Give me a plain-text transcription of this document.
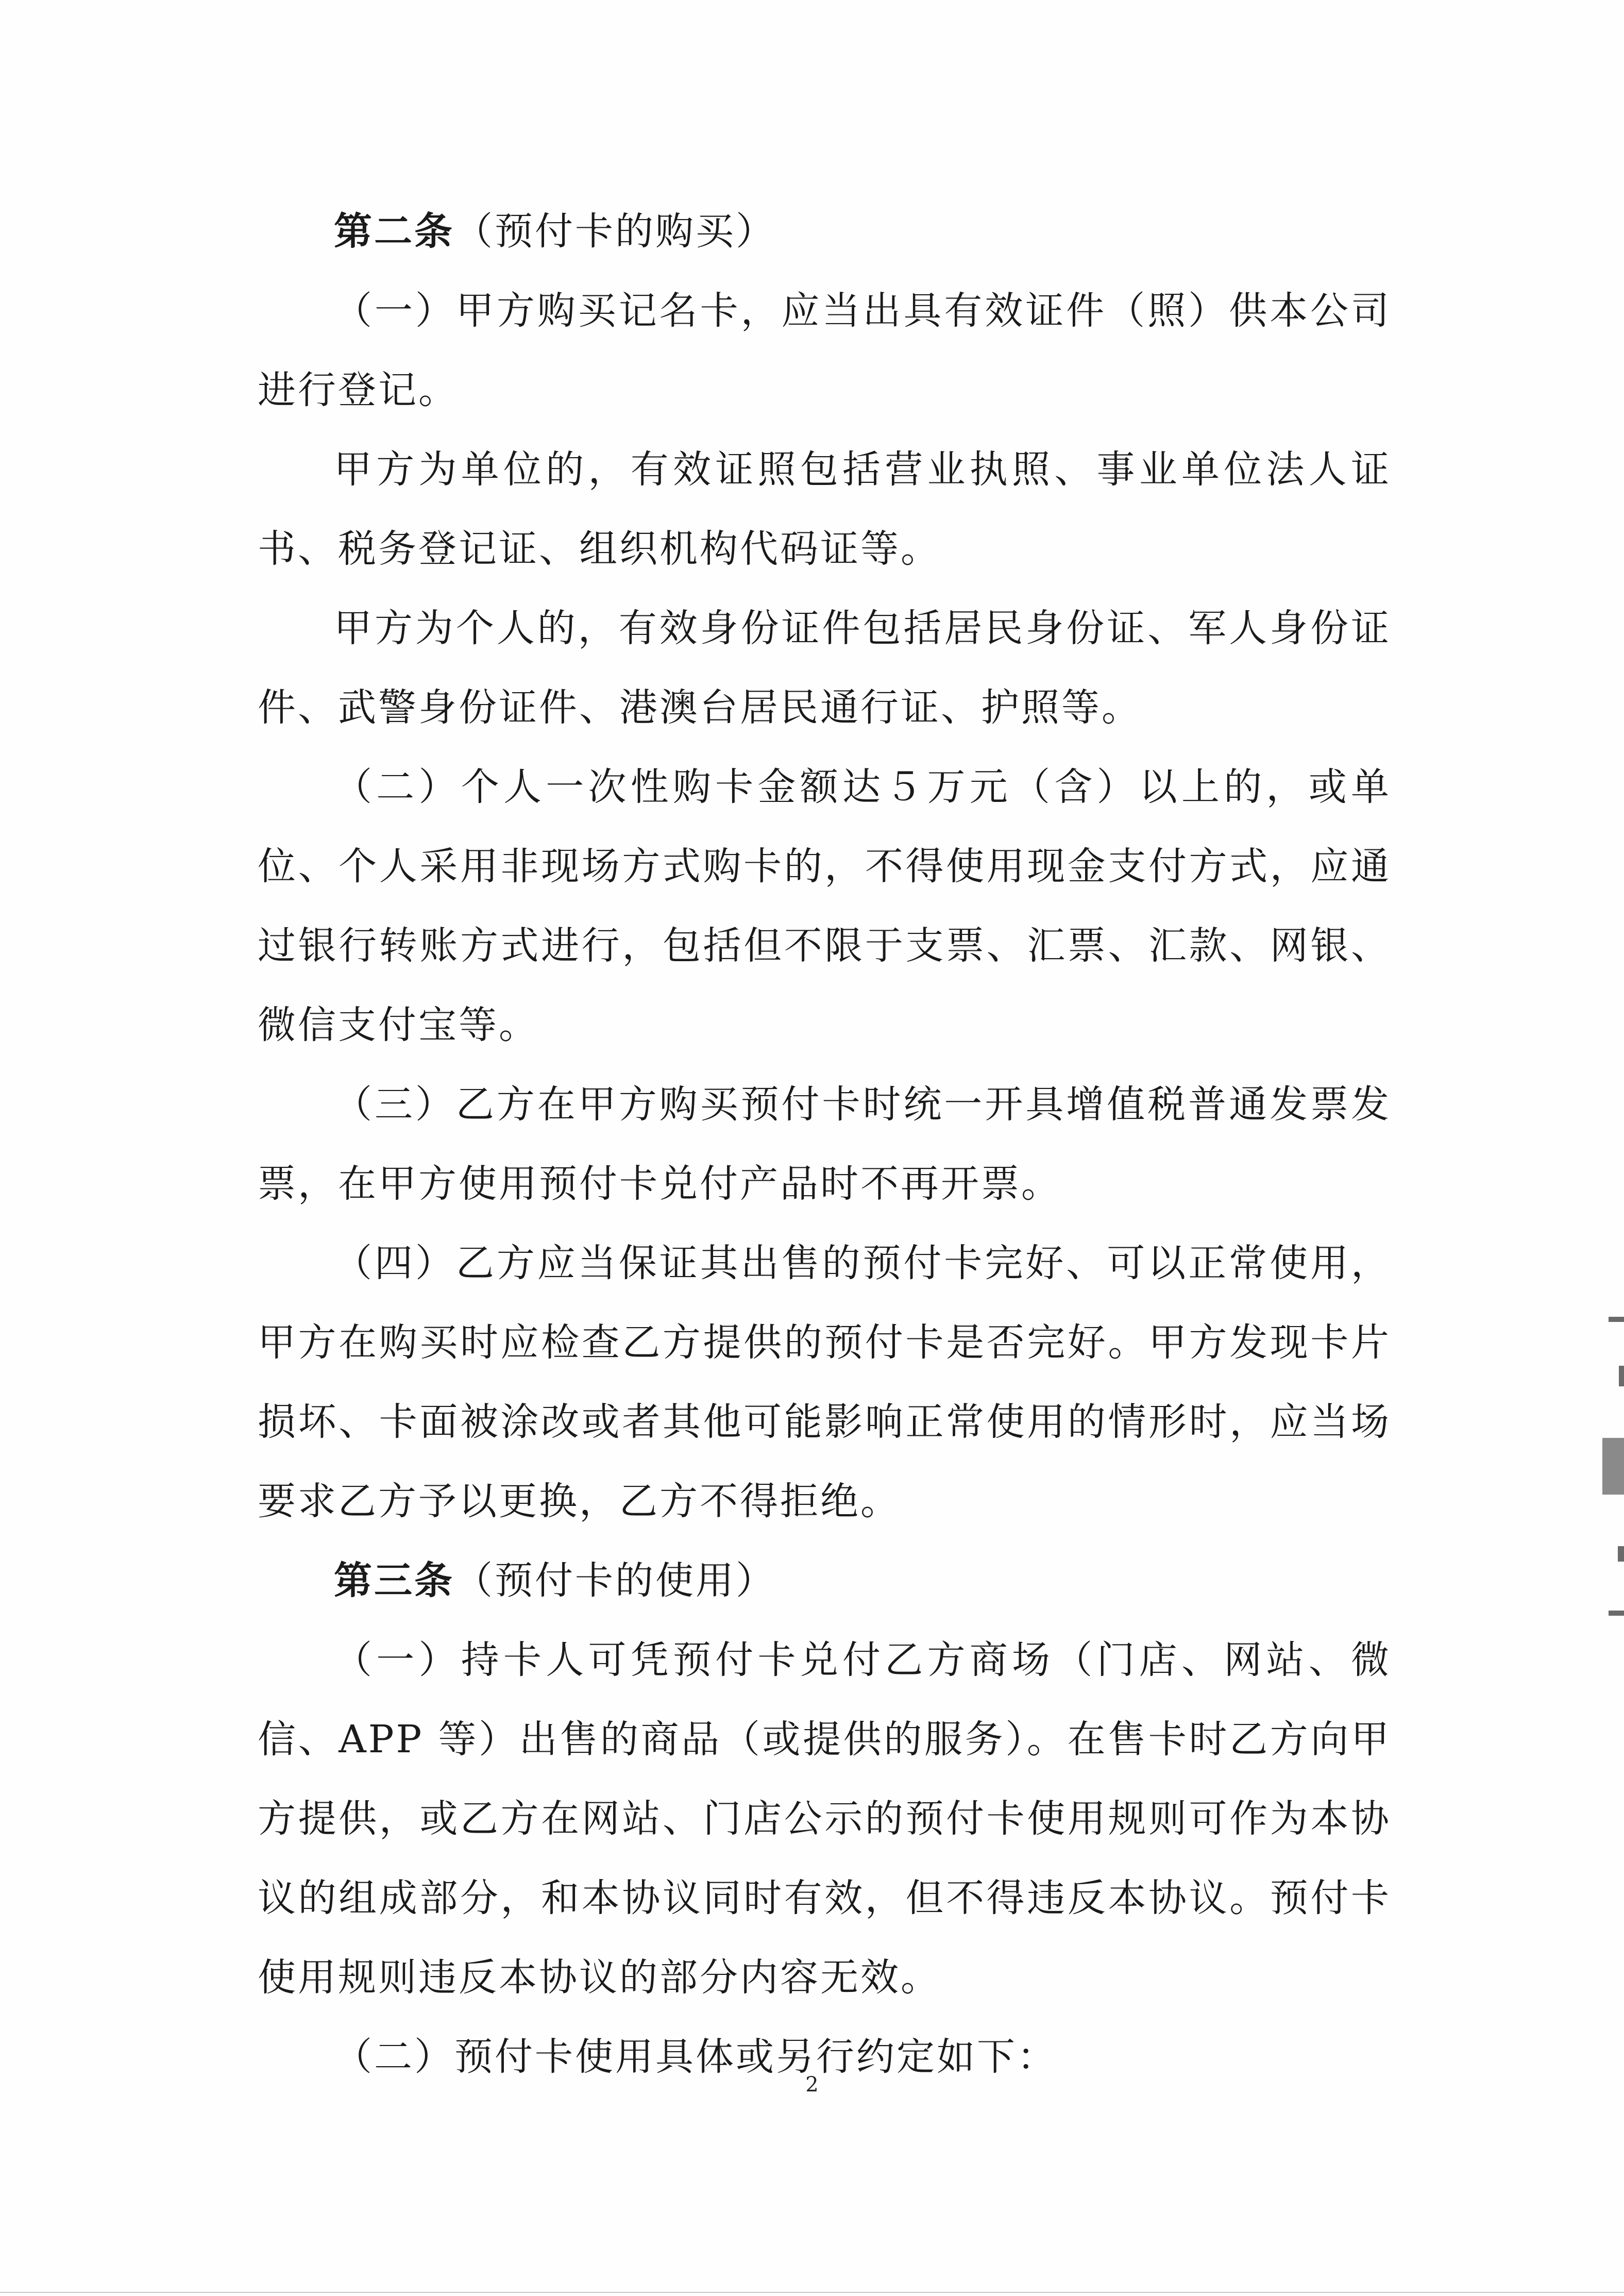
第二条（预付卡的购买）

（一）甲方购买记名卡，应当出具有效证件（照）供本公司进行登记。

甲方为单位的，有效证照包括营业执照、事业单位法人证书、税务登记证、组织机构代码证等。

甲方为个人的，有效身份证件包括居民身份证、军人身份证件、武警身份证件、港澳台居民通行证、护照等。

（二）个人一次性购卡金额达５万元（含）以上的，或单位、个人采用非现场方式购卡的，不得使用现金支付方式，应通过银行转账方式进行，包括但不限于支票、汇票、汇款、网银、微信支付宝等。

（三）乙方在甲方购买预付卡时统一开具增值税普通发票发票，在甲方使用预付卡兑付产品时不再开票。

（四）乙方应当保证其出售的预付卡完好、可以正常使用，甲方在购买时应检查乙方提供的预付卡是否完好。甲方发现卡片损坏、卡面被涂改或者其他可能影响正常使用的情形时，应当场要求乙方予以更换，乙方不得拒绝。

第三条（预付卡的使用）

（一）持卡人可凭预付卡兑付乙方商场（门店、网站、微信、APP 等）出售的商品（或提供的服务）。在售卡时乙方向甲方提供，或乙方在网站、门店公示的预付卡使用规则可作为本协议的组成部分，和本协议同时有效，但不得违反本协议。预付卡使用规则违反本协议的部分内容无效。

（二）预付卡使用具体或另行约定如下：

2
